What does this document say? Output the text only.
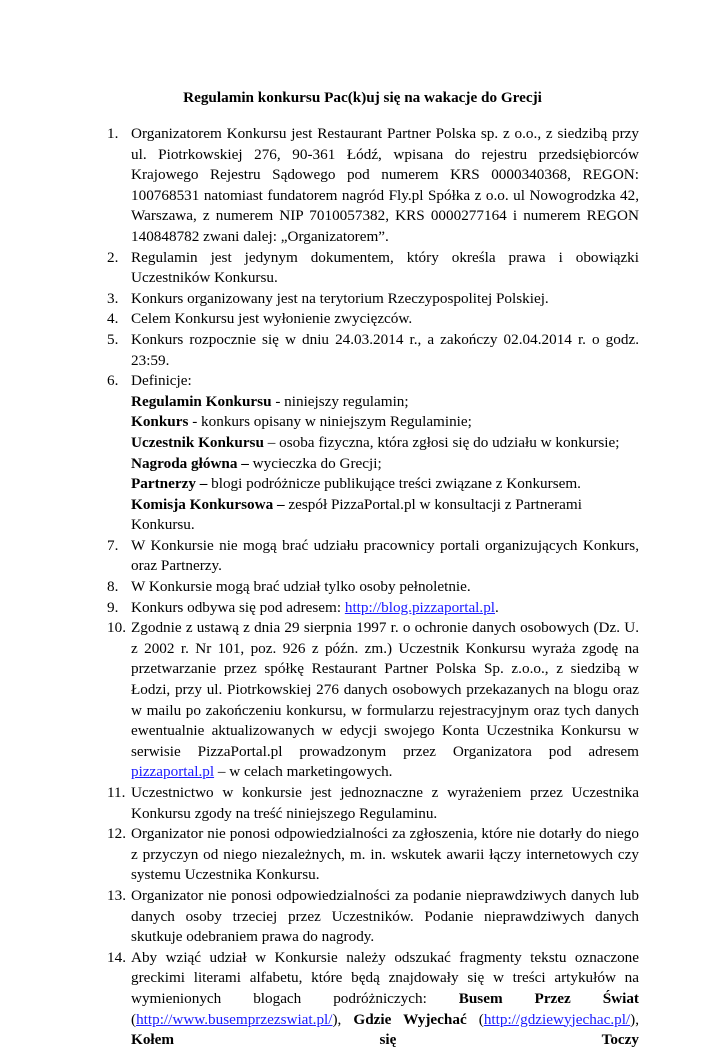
Regulamin konkursu Pac(k)uj się na wakacje do Grecji
1. Organizatorem Konkursu jest Restaurant Partner Polska sp. z o.o., z siedzibą przy ul. Piotrkowskiej 276, 90-361 Łódź, wpisana do rejestru przedsiębiorców Krajowego Rejestru Sądowego pod numerem KRS 0000340368, REGON: 100768531 natomiast fundatorem nagród Fly.pl Spółka z o.o. ul Nowogrodzka 42, Warszawa, z numerem NIP 7010057382, KRS 0000277164 i numerem REGON 140848782 zwani dalej: „Organizatorem”.
2. Regulamin jest jedynym dokumentem, który określa prawa i obowiązki Uczestników Konkursu.
3. Konkurs organizowany jest na terytorium Rzeczypospolitej Polskiej.
4. Celem Konkursu jest wyłonienie zwycięzców.
5. Konkurs rozpocznie się w dniu 24.03.2014 r., a zakończy 02.04.2014 r. o godz. 23:59.
6. Definicje:
Regulamin Konkursu - niniejszy regulamin;
Konkurs - konkurs opisany w niniejszym Regulaminie;
Uczestnik Konkursu – osoba fizyczna, która zgłosi się do udziału w konkursie;
Nagroda główna – wycieczka do Grecji;
Partnerzy – blogi podróżnicze publikujące treści związane z Konkursem.
Komisja Konkursowa – zespół PizzaPortal.pl w konsultacji z Partnerami Konkursu.
7. W Konkursie nie mogą brać udziału pracownicy portali organizujących Konkurs, oraz Partnerzy.
8. W Konkursie mogą brać udział tylko osoby pełnoletnie.
9. Konkurs odbywa się pod adresem: http://blog.pizzaportal.pl.
10. Zgodnie z ustawą z dnia 29 sierpnia 1997 r. o ochronie danych osobowych (Dz. U. z 2002 r. Nr 101, poz. 926 z późn. zm.) Uczestnik Konkursu wyraża zgodę na przetwarzanie przez spółkę Restaurant Partner Polska Sp. z.o.o., z siedzibą w Łodzi, przy ul. Piotrkowskiej 276 danych osobowych przekazanych na blogu oraz w mailu po zakończeniu konkursu, w formularzu rejestracyjnym oraz tych danych ewentualnie aktualizowanych w edycji swojego Konta Uczestnika Konkursu w serwisie PizzaPortal.pl prowadzonym przez Organizatora pod adresem pizzaportal.pl – w celach marketingowych.
11. Uczestnictwo w konkursie jest jednoznaczne z wyrażeniem przez Uczestnika Konkursu zgody na treść niniejszego Regulaminu.
12. Organizator nie ponosi odpowiedzialności za zgłoszenia, które nie dotarły do niego z przyczyn od niego niezależnych, m. in. wskutek awarii łączy internetowych czy systemu Uczestnika Konkursu.
13. Organizator nie ponosi odpowiedzialności za podanie nieprawdziwych danych lub danych osoby trzeciej przez Uczestników. Podanie nieprawdziwych danych skutkuje odebraniem prawa do nagrody.
14. Aby wziąć udział w Konkursie należy odszukać fragmenty tekstu oznaczone greckimi literami alfabetu, które będą znajdowały się w treści artykułów na wymienionych blogach podróżniczych: Busem Przez Świat (http://www.busemprzezswiat.pl/), Gdzie Wyjechać (http://gdziewyjechac.pl/), Kołem się Toczy
